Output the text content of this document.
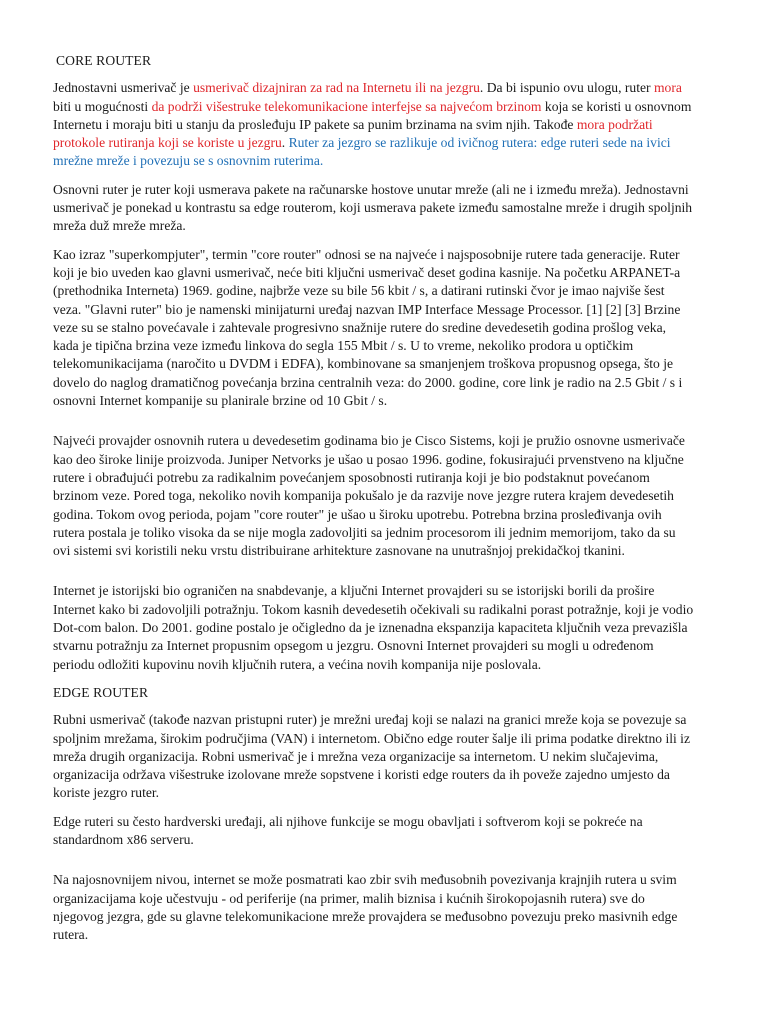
CORE ROUTER

Jednostavni usmerivač je usmerivač dizajniran za rad na Internetu ili na jezgru. Da bi ispunio ovu ulogu, ruter mora biti u mogućnosti da podrži višestruke telekomunikacione interfejse sa najvećom brzinom koja se koristi u osnovnom Internetu i moraju biti u stanju da prosleđuju IP pakete sa punim brzinama na svim njih. Takođe mora podržati protokole rutiranja koji se koriste u jezgru. Ruter za jezgro se razlikuje od ivičnog rutera: edge ruteri sede na ivici mrežne mreže i povezuju se s osnovnim ruterima.

Osnovni ruter je ruter koji usmerava pakete na računarske hostove unutar mreže (ali ne i između mreža). Jednostavni usmerivač je ponekad u kontrastu sa edge routerom, koji usmerava pakete između samostalne mreže i drugih spoljnih mreža duž mreže mreža.

Kao izraz "superkompjuter", termin "core router" odnosi se na najveće i najsposobnije rutere tada generacije. Ruter koji je bio uveden kao glavni usmerivač, neće biti ključni usmerivač deset godina kasnije. Na početku ARPANET-a (prethodnika Interneta) 1969. godine, najbrže veze su bile 56 kbit / s, a datirani rutinski čvor je imao najviše šest veza. "Glavni ruter" bio je namenski minijaturni uređaj nazvan IMP Interface Message Processor. [1] [2] [3] Brzine veze su se stalno povećavale i zahtevale progresivno snažnije rutere do sredine devedesetih godina prošlog veka, kada je tipična brzina veze između linkova do segla 155 Mbit / s. U to vreme, nekoliko prodora u optičkim telekomunikacijama (naročito u DVDM i EDFA), kombinovane sa smanjenjem troškova propusnog opsega, što je dovelo do naglog dramatičnog povećanja brzina centralnih veza: do 2000. godine, core link je radio na 2.5 Gbit / s i osnovni Internet kompanije su planirale brzine od 10 Gbit / s.

Najveći provajder osnovnih rutera u devedesetim godinama bio je Cisco Sistems, koji je pružio osnovne usmerivače kao deo široke linije proizvoda. Juniper Netvorks je ušao u posao 1996. godine, fokusirajući prvenstveno na ključne rutere i obrađujući potrebu za radikalnim povećanjem sposobnosti rutiranja koji je bio podstaknut povećanom brzinom veze. Pored toga, nekoliko novih kompanija pokušalo je da razvije nove jezgre rutera krajem devedesetih godina. Tokom ovog perioda, pojam "core router" je ušao u široku upotrebu. Potrebna brzina prosleđivanja ovih rutera postala je toliko visoka da se nije mogla zadovoljiti sa jednim procesorom ili jednim memorijom, tako da su ovi sistemi svi koristili neku vrstu distribuirane arhitekture zasnovane na unutrašnjoj prekidačkoj tkanini.

Internet je istorijski bio ograničen na snabdevanje, a ključni Internet provajderi su se istorijski borili da prošire Internet kako bi zadovoljili potražnju. Tokom kasnih devedesetih očekivali su radikalni porast potražnje, koji je vodio Dot-com balon. Do 2001. godine postalo je očigledno da je iznenadna ekspanzija kapaciteta ključnih veza prevazišla stvarnu potražnju za Internet propusnim opsegom u jezgru. Osnovni Internet provajderi su mogli u određenom periodu odložiti kupovinu novih ključnih rutera, a većina novih kompanija nije poslovala.

EDGE ROUTER

Rubni usmerivač (takođe nazvan pristupni ruter) je mrežni uređaj koji se nalazi na granici mreže koja se povezuje sa spoljnim mrežama, širokim područjima (VAN) i internetom. Obično edge router šalje ili prima podatke direktno ili iz mreža drugih organizacija. Robni usmerivač je i mrežna veza organizacije sa internetom. U nekim slučajevima, organizacija održava višestruke izolovane mreže sopstvene i koristi edge routers da ih poveže zajedno umjesto da koriste jezgro ruter.

Edge ruteri su često hardverski uređaji, ali njihove funkcije se mogu obavljati i softverom koji se pokreće na standardnom x86 serveru.

Na najosnovnijem nivou, internet se može posmatrati kao zbir svih međusobnih povezivanja krajnjih rutera u svim organizacijama koje učestvuju - od periferije (na primer, malih biznisa i kućnih širokopojasnih rutera) sve do njegovog jezgra, gde su glavne telekomunikacione mreže provajdera se međusobno povezuju preko masivnih edge rutera.
